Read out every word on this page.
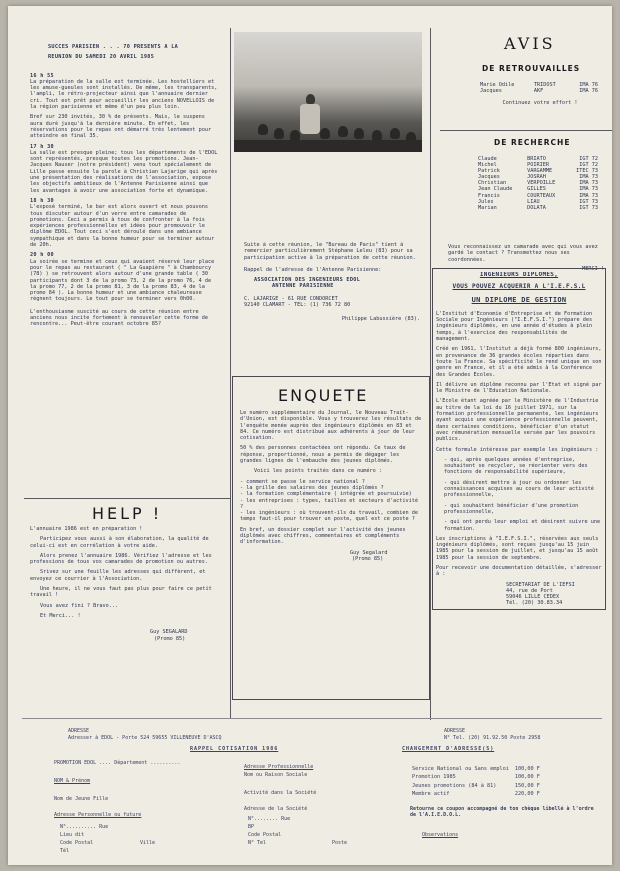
SUCCES PARISIEN . . . 70 PRESENTS A LA
REUNION DU SAMEDI 20 AVRIL 1985
16 h 55

La préparation de la salle est terminée. Les hostelliers et les amuse-gueules sont installés. De même, les transparents, l'ampli, le rétro-projecteur ainsi que l'annuaire dernier cri. Tout est prêt pour accueillir les anciens NOVELLOIS de la région parisienne et même d'un peu plus loin.

Bref sur 230 invités, 30 % de présents. Mais, le suspens aura duré jusqu'à la dernière minute. En effet, les réservations pour le repas ont démarré très lentement pour atteindre en final 35.

17 h 30

La salle est presque pleine; tous les départements de l'EDOL sont représentés, presque toutes les promotions. Jean-Jacques Nauser (notre président) venu tout spécialement de Lille passe ensuite la parole à Christian Lajarige qui après une présentation des réalisations de l'association, expose les objectifs ambitieux de l'Antenne Parisienne ainsi que les avantages à avoir une association forte et dynamique.

18 h 30

L'exposé terminé, le bar est alors ouvert et nous pouvons tous discuter autour d'un verre entre camarades de promotions. Ceci a permis à tous de confronter à la fois expériences professionnelles et idées pour promouvoir le diplôme EDOL. Tout ceci s'est déroulé dans une ambiance sympathique et dans la bonne humeur pour se terminer autour de 20h.

20 h 00

La soirée se termine et ceux qui avaient réservé leur place pour le repas au restaurant ( " La Guapière " à Chambourcy (78) ) se retrouvent alors autour d'une grande table ( 30 participants dont 3 de la promo 73, 2 de la promo 76, 4 de la promo 77, 2 de la promo 81, 3 de la promo 83, 4 de la promo 84 ). La bonne humeur et une ambiance chaleureuse régnent toujours. Le tout pour se terminer vers 0h00.

L'enthousiasme suscité au cours de cette réunion entre anciens nous incite fortement à renouveler cette forme de rencontre... Peut-être courant octobre 85?

Suite à cette réunion, le "Bureau de Paris" tient à remercier particulièrement Stéphane Leleu (83) pour sa participation active à la préparation de cette réunion.

Rappel de l'adresse de l'Antenne Parisienne:

ASSOCIATION DES INGENIEURS EDOL
ANTENNE PARISIENNE
C. LAJARIGE - 61 RUE CONDORCET
92140 CLAMART - TEL: (1) 736 72 80
Philippe Labussière (83).
AVIS
DE RETROUVAILLES
Marie Odile	TRIDOST	IMA 76
Jacques	AKF	IMA 76
Continuez votre effort !
DE RECHERCHE
Claude	BRIATO	IGT 72
Michel	POIRIER	IGT 72
Patrick	VARGAMME	ITEC 73
Jacques	JOSRAH	IMA 73
Christian	VERPOILLE	IMA 73
Jean Claude	GILLES	IMA 73
Francis	COURTEAUX	IMA 73
Jules	LIAU	IGT 73
Marian	DOLATA	IGT 73
Vous reconnaissez un camarade avec qui vous avez gardé le contact ? Transmettez nous ses coordonnées.
MERCI !
INGENIEURS DIPLOMES,
VOUS POUVEZ ACQUERIR A L'I.E.F.S.L
UN DIPLOME DE GESTION

L'Institut d'Economie d'Entreprise et de Formation Sociale pour Ingénieurs ("I.E.F.S.I.") prépare des ingénieurs diplômés, en une année d'études à plein temps, à l'exercice des responsabilités de management.

Créé en 1961, l'Institut a déjà formé 800 ingénieurs, en provenance de 36 grandes écoles réparties dans toute la France. Sa spécificité le rend unique en son genre en France, et il a été admis à la Conférence des Grandes Ecoles.

Il délivre un diplôme reconnu par l'Etat et signé par le Ministre de l'Education Nationale.

L'Ecole étant agréée par le Ministère de l'Industrie au titre de la loi du 16 juillet 1971, sur la formation professionnelle permanente, les ingénieurs ayant acquis une expérience professionnelle peuvent, dans certaines conditions, bénéficier d'un statut avec rémunération mensuelle versée par les pouvoirs publics.

Cette formule intéresse par exemple les ingénieurs :

- qui, après quelques années d'entreprise, souhaitent se recycler, se réorienter vers des fonctions de responsabilité supérieure,

- qui désirent mettre à jour ou ordonner les connaissances acquises au cours de leur activité professionnelle,

- qui souhaitent bénéficier d'une promotion professionnelle,

- qui ont perdu leur emploi et désirent suivre une formation.

Les inscriptions à "I.E.F.S.I.", réservées aux seuls ingénieurs diplômés, sont reçues jusqu'au 15 juin 1985 pour la session de juillet, et jusqu'au 15 août 1985 pour la session de septembre.

Pour recevoir une documentation détaillée, s'adresser à :

SECRETARIAT DE L'IEFSI
44, rue de Port
59046 LILLE CEDEX
Tél. (20) 30.83.34
ENQUETE

Le numéro supplémentaire du Journal, le Nouveau Trait-d'Union, est disponible. Vous y trouverez les résultats de l'enquête menée auprès des ingénieurs diplômés en 83 et 84. Ce numéro est distribué aux adhérents à jour de leur cotisation.

50 % des personnes contactées ont répondu. Ce taux de réponse, proportionné, nous a permis de dégager les grandes lignes de l'embauche des jeunes diplômés.

Voici les points traités dans ce numéro :

- comment se passe le service national ?
- la grille des salaires des jeunes diplômés ?
- la formation complémentaire ( intégrée et poursuivie)
- les entreprises : types, tailles et secteurs d'activité ?

- les ingénieurs : où trouvent-ils du travail, combien de temps faut-il pour trouver un poste, quel est ce poste ?

En bref, un dossier complet sur l'activité des jeunes diplômés avec chiffres, commentaires et compléments d'information.

Guy Segalard
(Promo 85)
HELP !

L'annuaire 1986 est en préparation !

Participez vous aussi à son élaboration, la qualité de celui-ci est en corrélation à votre aide.

Alors prenez l'annuaire 1986. Vérifiez l'adresse et les professions de tous vos camarades de promotion ou autres.

Srivez sur une feuille les adresses qui diffèrent, et envoyez ce courrier à l'Association.

Une heure, il ne vous faut pas plus pour faire ce petit travail !

Vous avez fini ? Bravo...

Et Merci... !

Guy SEGALARD
(Promo 85)
ADRESSE
Adresser à EDOL - Porte 524 59655 VILLENEUVE D'ASCQ
ADRESSE
N° Tel. (20) 91.92.50 Poste 2958
RAPPEL COTISATION 1986	CHANGEMENT D'ADRESSE(S)
PROMOTION EDOL .... Département ..........
NOM & Prénom
Nom de Jeune Fille
Adresse Personnelle ou future
N°.......... Rue
Lieu dit
Code Postal	Ville
Tél
Adresse Professionnelle
Nom ou Raison Sociale
Activité dans la Société
Adresse de la Société
N°........ Rue
BP
Code Postal
N° Tel	Poste
Service National ou Sans emploi	100,00 F
Promotion 1985	100,00 F
Jeunes promotions (84 à 81)	150,00 F
Membre actif	220,00 F
Retourne ce coupon accompagné de ton chèque libellé à l'ordre de l'A.I.E.D.O.L.
Observations
